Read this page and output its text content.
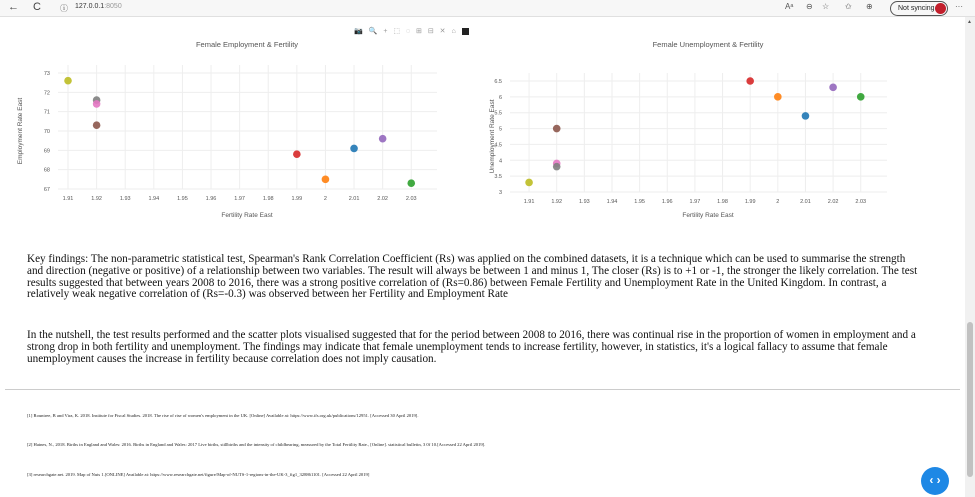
← C ⓘ 127.0.0.1:8050	Aᵃ ⊖ ☆ ✩ ⊕	Not syncing	···
📷 🔍 + ⬚ ◌ ⊞ ⊟ ✕ ⌂
Female Employment & Fertility
1.91	1.92	1.93	1.94	1.95	1.96	1.97	1.98	1.99	2	2.01	2.02	2.03
67
68
69
70
71
72
73
Fertility Rate East
Employment Rate East
Female Unemployment & Fertility
1.91	1.92	1.93	1.94	1.95	1.96	1.97	1.98	1.99	2	2.01	2.02	2.03
3
3.5
4
4.5
5
5.5
6
6.5
Fertility Rate East
Unemployment Rate East
Key findings: The non-parametric statistical test, Spearman's Rank Correlation Coefficient (Rs) was applied on the combined datasets, it is a technique which can be used to summarise the strength and direction (negative or positive) of a relationship between two variables. The result will always be between 1 and minus 1, The closer (Rs) is to +1 or -1, the stronger the likely correlation. The test results suggested that between years 2008 to 2016, there was a strong positive correlation of (Rs=0.86) between Female Fertility and Unemployment Rate in the United Kingdom. In contrast, a relatively weak negative correlation of (Rs=-0.3) was observed between her Fertility and Employment Rate
In the nutshell, the test results performed and the scatter plots visualised suggested that for the period between 2008 to 2016, there was continual rise in the proportion of women in employment and a strong drop in both fertility and unemployment. The findings may indicate that female unemployment tends to increase fertility, however, in statistics, it's a logical fallacy to assume that female unemployment causes the increase in fertility because correlation does not imply causation.
[1] Rountree, B and Vira, K. 2018. Institute for Fiscal Studies. 2018. The rise of rise of women's employment in the UK. [Online] Available at: https://www.ifs.org.uk/publications/12951. [Accessed 30 April 2019].
[2] Haines, N., 2018. Births in England and Wales: 2016. Births in England and Wales: 2017 Live births, stillbirths and the intensity of childbearing, measured by the Total Fertility Rate., [Online]. statistical bulletin, 3 0f 10.[Accessed 22 April 2019].
[3] researchgate.net. 2019. Map of Nuts 1.[ONLINE] Available at: https://www.researchgate.net/figure/Map-of-NUTS-1-regions-in-the-UK-3_fig1_328861101. [Accessed 22 April 2019]
▲
‹ ›
